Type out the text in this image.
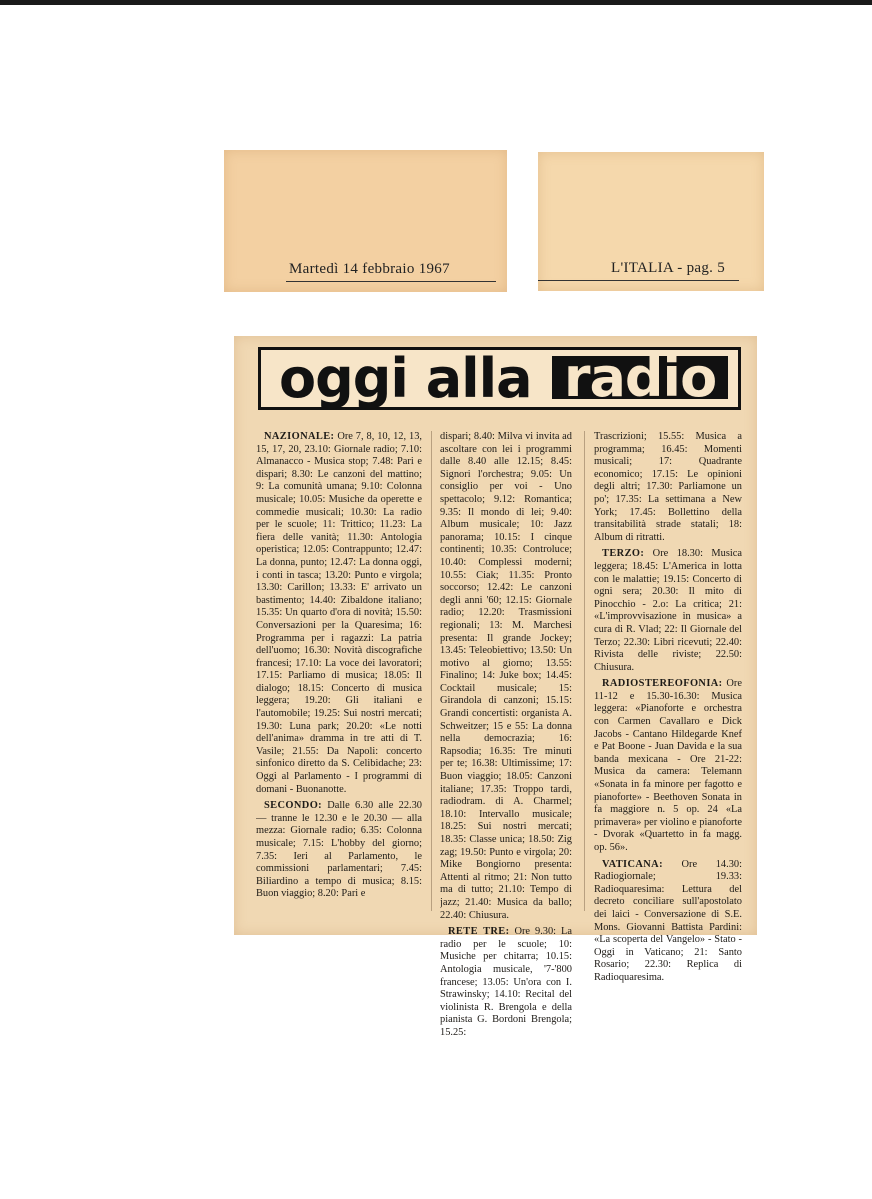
Martedì 14 febbraio 1967	L'ITALIA - pag. 5
oggi alla radio

NAZIONALE: Ore 7, 8, 10, 12, 13, 15, 17, 20, 23.10: Giornale radio; 7.10: Almanacco - Musica stop; 7.48: Pari e dispari; 8.30: Le canzoni del mattino; 9: La comunità umana; 9.10: Colonna musicale; 10.05: Musiche da operette e commedie musicali; 10.30: La radio per le scuole; 11: Trittico; 11.23: La fiera delle vanità; 11.30: Antologia operistica; 12.05: Contrappunto; 12.47: La donna, punto; 12.47: La donna oggi, i conti in tasca; 13.20: Punto e virgola; 13.30: Carillon; 13.33: E' arrivato un bastimento; 14.40: Zibaldone italiano; 15.35: Un quarto d'ora di novità; 15.50: Conversazioni per la Quaresima; 16: Programma per i ragazzi: La patria dell'uomo; 16.30: Novità discografiche francesi; 17.10: La voce dei lavoratori; 17.15: Parliamo di musica; 18.05: Il dialogo; 18.15: Concerto di musica leggera; 19.20: Gli italiani e l'automobile; 19.25: Sui nostri mercati; 19.30: Luna park; 20.20: «Le notti dell'anima» dramma in tre atti di T. Vasile; 21.55: Da Napoli: concerto sinfonico diretto da S. Celibidache; 23: Oggi al Parlamento - I programmi di domani - Buonanotte.

SECONDO: Dalle 6.30 alle 22.30 — tranne le 12.30 e le 20.30 — alla mezza: Giornale radio; 6.35: Colonna musicale; 7.15: L'hobby del giorno; 7.35: Ieri al Parlamento, le commissioni parlamentari; 7.45: Biliardino a tempo di musica; 8.15: Buon viaggio; 8.20: Pari e

dispari; 8.40: Milva vi invita ad ascoltare con lei i programmi dalle 8.40 alle 12.15; 8.45: Signori l'orchestra; 9.05: Un consiglio per voi - Uno spettacolo; 9.12: Romantica; 9.35: Il mondo di lei; 9.40: Album musicale; 10: Jazz panorama; 10.15: I cinque continenti; 10.35: Controluce; 10.40: Complessi moderni; 10.55: Ciak; 11.35: Pronto soccorso; 12.42: Le canzoni degli anni '60; 12.15: Giornale radio; 12.20: Trasmissioni regionali; 13: M. Marchesi presenta: Il grande Jockey; 13.45: Teleobiettivo; 13.50: Un motivo al giorno; 13.55: Finalino; 14: Juke box; 14.45: Cocktail musicale; 15: Girandola di canzoni; 15.15: Grandi concertisti: organista A. Schweitzer; 15 e 55: La donna nella democrazia; 16: Rapsodia; 16.35: Tre minuti per te; 16.38: Ultimissime; 17: Buon viaggio; 18.05: Canzoni italiane; 17.35: Troppo tardi, radiodram. di A. Charmel; 18.10: Intervallo musicale; 18.25: Sui nostri mercati; 18.35: Classe unica; 18.50: Zig zag; 19.50: Punto e virgola; 20: Mike Bongiorno presenta: Attenti al ritmo; 21: Non tutto ma di tutto; 21.10: Tempo di jazz; 21.40: Musica da ballo; 22.40: Chiusura.

RETE TRE: Ore 9.30: La radio per le scuole; 10: Musiche per chitarra; 10.15: Antologia musicale, '7-'800 francese; 13.05: Un'ora con I. Strawinsky; 14.10: Recital del violinista R. Brengola e della pianista G. Bordoni Brengola; 15.25:

Trascrizioni; 15.55: Musica a programma; 16.45: Momenti musicali; 17: Quadrante economico; 17.15: Le opinioni degli altri; 17.30: Parliamone un po'; 17.35: La settimana a New York; 17.45: Bollettino della transitabilità strade statali; 18: Album di ritratti.

TERZO: Ore 18.30: Musica leggera; 18.45: L'America in lotta con le malattie; 19.15: Concerto di ogni sera; 20.30: Il mito di Pinocchio - 2.o: La critica; 21: «L'improvvisazione in musica» a cura di R. Vlad; 22: Il Giornale del Terzo; 22.30: Libri ricevuti; 22.40: Rivista delle riviste; 22.50: Chiusura.

RADIOSTEREOFONIA: Ore 11-12 e 15.30-16.30: Musica leggera: «Pianoforte e orchestra con Carmen Cavallaro e Dick Jacobs - Cantano Hildegarde Knef e Pat Boone - Juan Davida e la sua banda mexicana - Ore 21-22: Musica da camera: Telemann «Sonata in fa minore per fagotto e pianoforte» - Beethoven Sonata in fa maggiore n. 5 op. 24 «La primavera» per violino e pianoforte - Dvorak «Quartetto in fa magg. op. 56».

VATICANA: Ore 14.30: Radiogiornale; 19.33: Radioquaresima: Lettura del decreto conciliare sull'apostolato dei laici - Conversazione di S.E. Mons. Giovanni Battista Pardini: «La scoperta del Vangelo» - Stato - Oggi in Vaticano; 21: Santo Rosario; 22.30: Replica di Radioquaresima.
